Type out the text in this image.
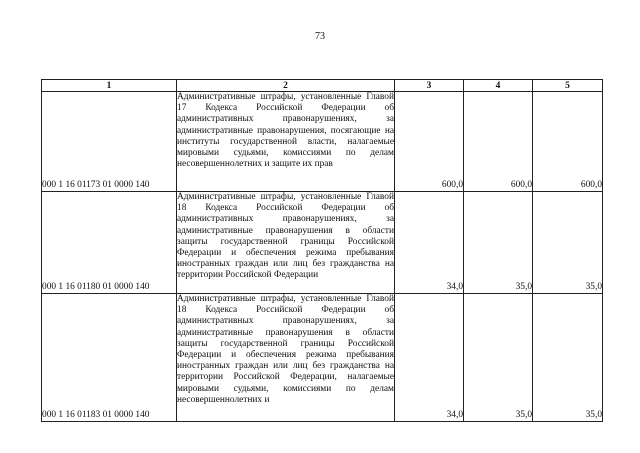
73
1	2	3	4	5
000 1 16 01173 01 0000 140	Административные штрафы, установленные Главой 17 Кодекса Российской Федерации об административных правонарушениях, за административные правонарушения, посягающие на институты государственной власти, налагаемые мировыми судьями, комиссиями по делам несовершеннолетних и защите их прав	600,0	600,0	600,0
000 1 16 01180 01 0000 140	Административные штрафы, установленные Главой 18 Кодекса Российской Федерации об административных правонарушениях, за административные правонарушения в области защиты государственной границы Российской Федерации и обеспечения режима пребывания иностранных граждан или лиц без гражданства на территории Российской Федерации	34,0	35,0	35,0
000 1 16 01183 01 0000 140	Административные штрафы, установленные Главой 18 Кодекса Российской Федерации об административных правонарушениях, за административные правонарушения в области защиты государственной границы Российской Федерации и обеспечения режима пребывания иностранных граждан или лиц без гражданства на территории Российской Федерации, налагаемые мировыми судьями, комиссиями по делам несовершеннолетних и	34,0	35,0	35,0
